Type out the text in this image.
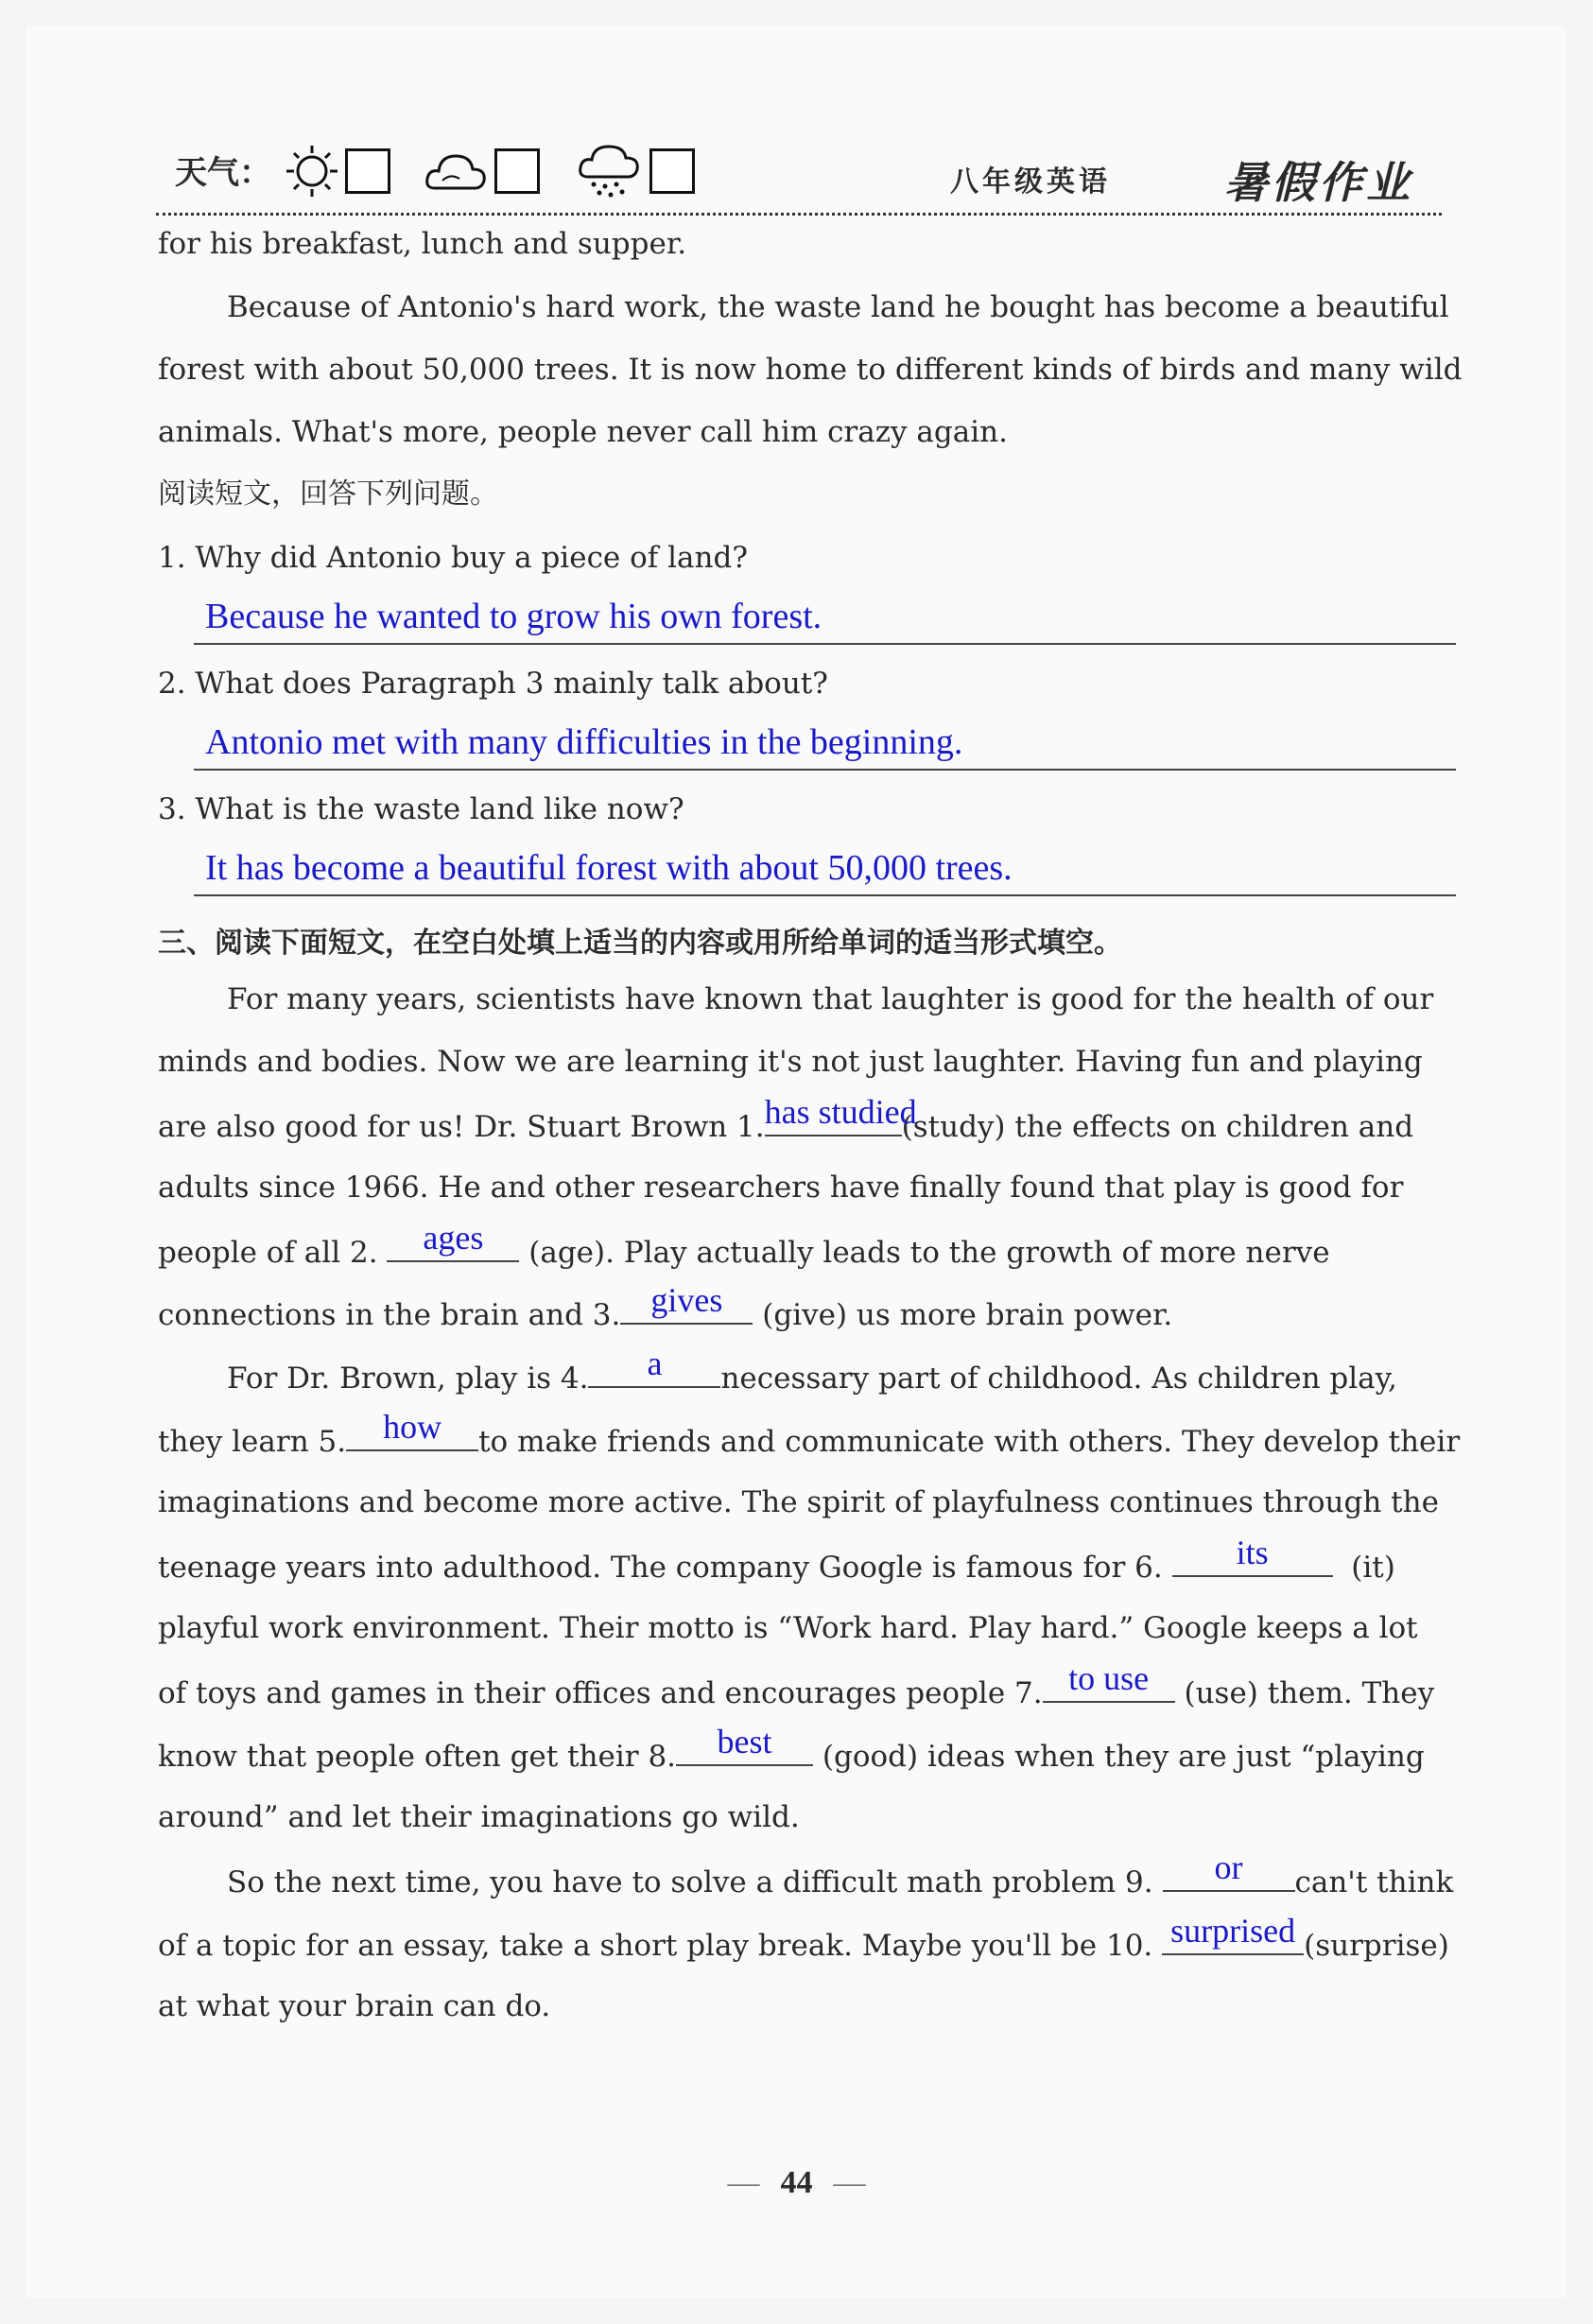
天气：	八年级英语	暑假作业
for his breakfast, lunch and supper.
Because of Antonio's hard work, the waste land he bought has become a beautiful
forest with about 50,000 trees. It is now home to different kinds of birds and many wild
animals. What's more, people never call him crazy again.
阅读短文，回答下列问题。
1. Why did Antonio buy a piece of land?
Because he wanted to grow his own forest.
2. What does Paragraph 3 mainly talk about?
Antonio met with many difficulties in the beginning.
3. What is the waste land like now?
It has become a beautiful forest with about 50,000 trees.
三、阅读下面短文，在空白处填上适当的内容或用所给单词的适当形式填空。
For many years, scientists have known that laughter is good for the health of our
minds and bodies. Now we are learning it's not just laughter. Having fun and playing
are also good for us! Dr. Stuart Brown 1. has studied
(study) the effects on children and
adults since 1966. He and other researchers have finally found that play is good for
people of all 2.	ages	(age). Play actually leads to the growth of more nerve
connections in the brain and 3. gives	(give) us more brain power.
For Dr. Brown, play is 4.	a	necessary part of childhood. As children play,
they learn 5.	how	to make friends and communicate with others. They develop their
imaginations and become more active. The spirit of playfulness continues through the
teenage years into adulthood. The company Google is famous for 6.	its	(it)
playful work environment. Their motto is “Work hard. Play hard.” Google keeps a lot
of toys and games in their offices and encourages people 7. to use	(use) them. They
know that people often get their 8.	best	(good) ideas when they are just “playing
around” and let their imaginations go wild.
So the next time, you have to solve a difficult math problem 9.	or	can't think
of a topic for an essay, take a short play break. Maybe you'll be 10. surprised (surprise)
at what your brain can do.
— 44 —
